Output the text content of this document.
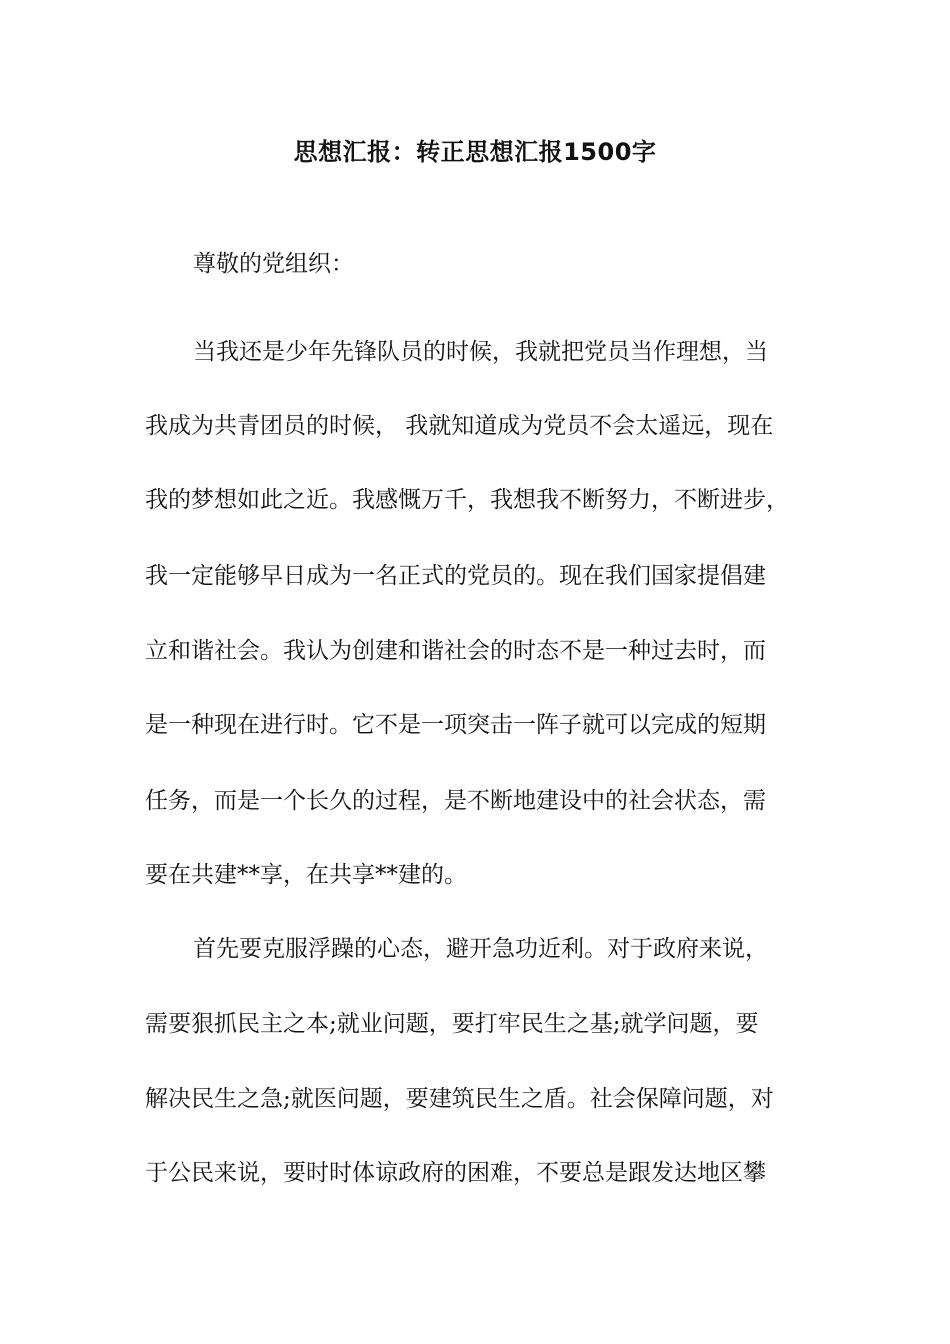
思想汇报：转正思想汇报1500字

尊敬的党组织：

当我还是少年先锋队员的时候，我就把党员当作理想，当

我成为共青团员的时候， 我就知道成为党员不会太遥远，现在

我的梦想如此之近。我感慨万千，我想我不断努力，不断进步，

我一定能够早日成为一名正式的党员的。现在我们国家提倡建

立和谐社会。我认为创建和谐社会的时态不是一种过去时，而

是一种现在进行时。它不是一项突击一阵子就可以完成的短期

任务，而是一个长久的过程，是不断地建设中的社会状态，需

要在共建**享，在共享**建的。

首先要克服浮躁的心态，避开急功近利。对于政府来说，

需要狠抓民主之本;就业问题，要打牢民生之基;就学问题，要

解决民生之急;就医问题，要建筑民生之盾。社会保障问题，对

于公民来说，要时时体谅政府的困难，不要总是跟发达地区攀
